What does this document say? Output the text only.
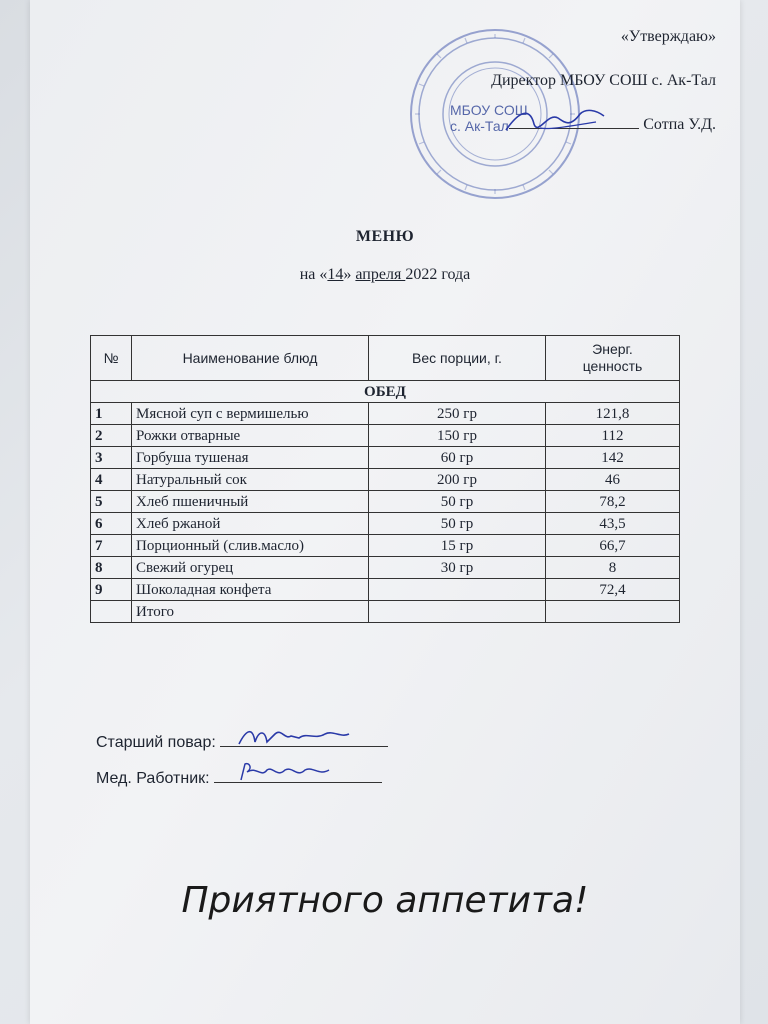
МБОУ СОШ
с. Ак-Тал
«Утверждаю»
Директор МБОУ СОШ с. Ак-Тал
Сотпа У.Д.
МЕНЮ
на «14» апреля 2022 года
№	Наименование блюд	Вес порции, г.	Энерг.
ценность

ОБЕД			
1	Мясной суп с вермишелью	250 гр	121,8
2	Рожки отварные	150 гр	112
3	Горбуша тушеная	60 гр	142
4	Натуральный сок	200 гр	46
5	Хлеб пшеничный	50 гр	78,2
6	Хлеб ржаной	50 гр	43,5
7	Порционный (слив.масло)	15 гр	66,7
8	Свежий огурец	30 гр	8
9	Шоколадная конфета		72,4
	Итого		
Старший повар:
Мед. Работник:
Приятного аппетита!
